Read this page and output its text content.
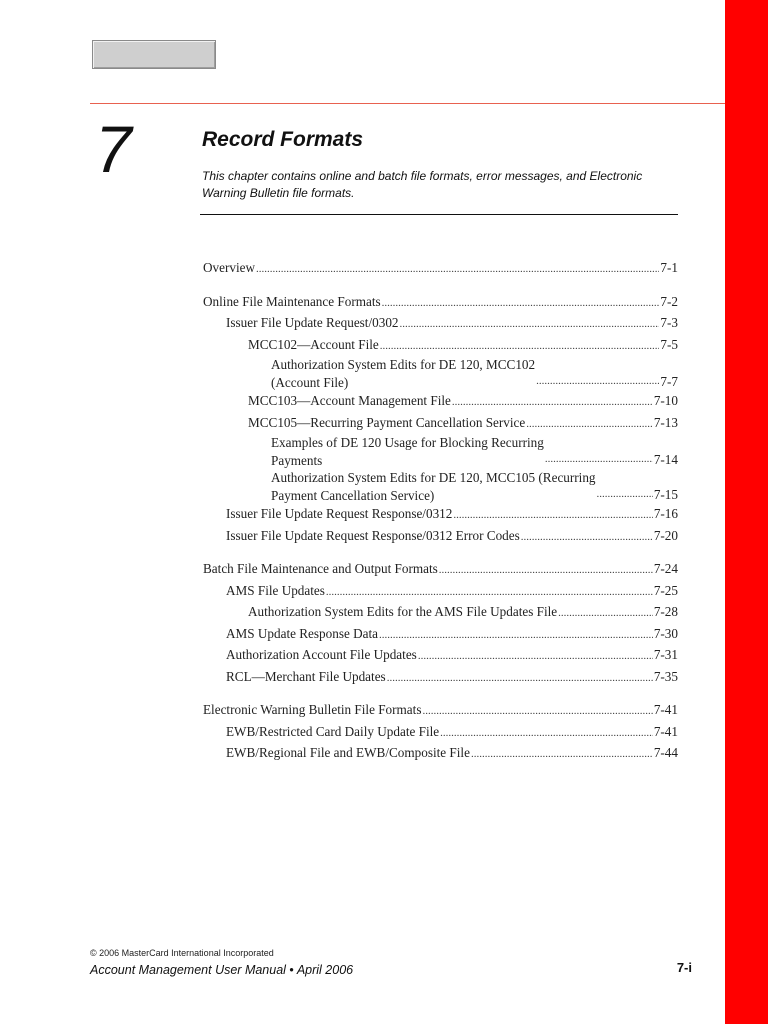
7	Record Formats
This chapter contains online and batch file formats, error messages, and Electronic Warning Bulletin file formats.
Overview .....	7-1
Online File Maintenance Formats .....	7-2
Issuer File Update Request/0302 .....	7-3
MCC102—Account File .....	7-5
Authorization System Edits for DE 120, MCC102
(Account File) .....	7-7
MCC103—Account Management File .....	7-10
MCC105—Recurring Payment Cancellation Service .....	7-13
Examples of DE 120 Usage for Blocking Recurring
Payments .....	7-14
Authorization System Edits for DE 120, MCC105 (Recurring
Payment Cancellation Service) .....	7-15
Issuer File Update Request Response/0312 .....	7-16
Issuer File Update Request Response/0312 Error Codes .....	7-20
Batch File Maintenance and Output Formats .....	7-24
AMS File Updates .....	7-25
Authorization System Edits for the AMS File Updates File .....	7-28
AMS Update Response Data .....	7-30
Authorization Account File Updates .....	7-31
RCL—Merchant File Updates .....	7-35
Electronic Warning Bulletin File Formats .....	7-41
EWB/Restricted Card Daily Update File .....	7-41
EWB/Regional File and EWB/Composite File .....	7-44
© 2006 MasterCard International Incorporated
Account Management User Manual • April 2006	7-i
